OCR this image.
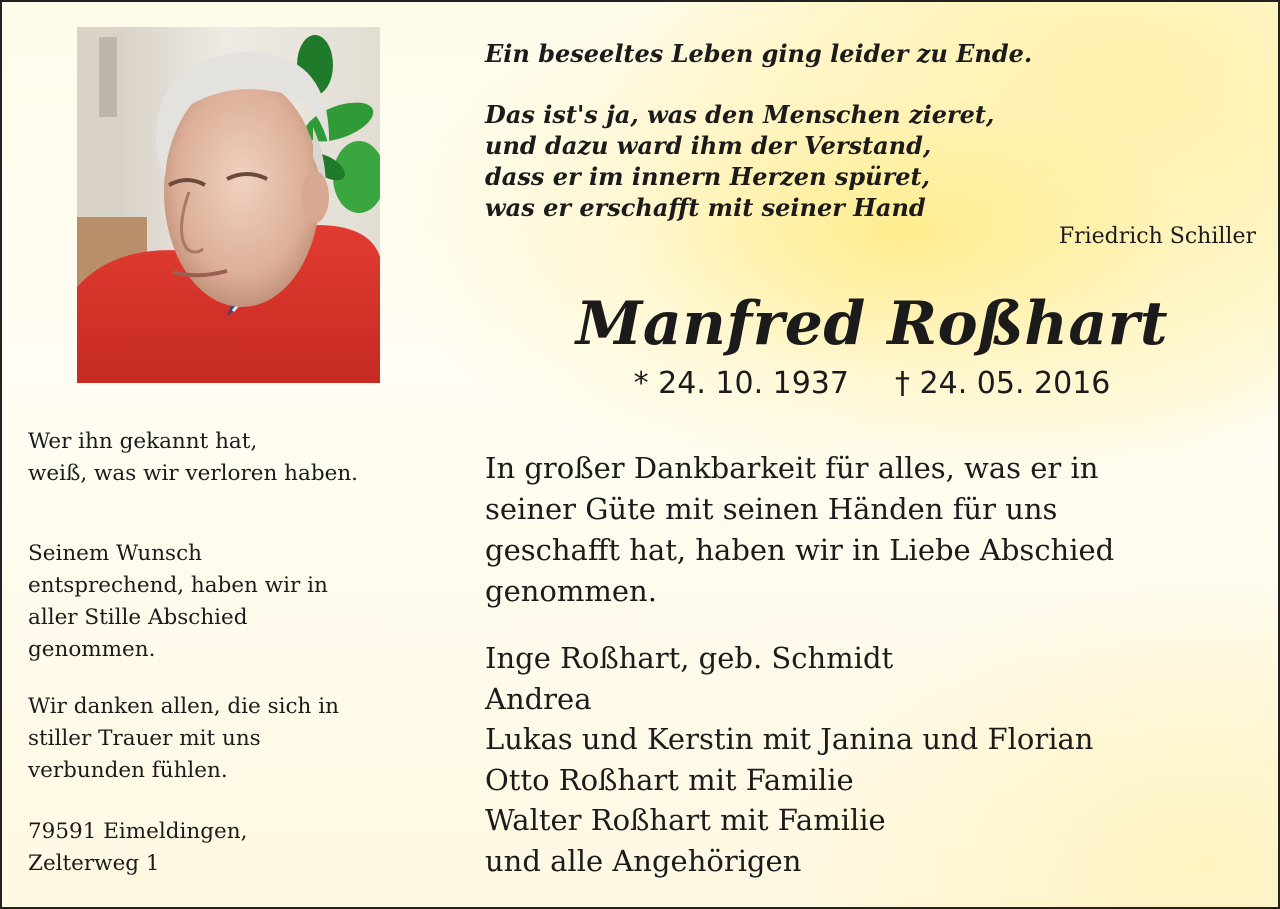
Ein beseeltes Leben ging leider zu Ende.

Das ist's ja, was den Menschen zieret,
und dazu ward ihm der Verstand,
dass er im innern Herzen spüret,
was er erschafft mit seiner Hand
Friedrich Schiller
Manfred Roßhart
* 24. 10. 1937 † 24. 05. 2016

Wer ihn gekannt hat,
weiß, was wir verloren haben.

Seinem Wunsch
entsprechend, haben wir in
aller Stille Abschied
genommen.

Wir danken allen, die sich in
stiller Trauer mit uns
verbunden fühlen.

79591 Eimeldingen,
Zelterweg 1

In großer Dankbarkeit für alles, was er in
seiner Güte mit seinen Händen für uns
geschafft hat, haben wir in Liebe Abschied
genommen.
Inge Roßhart, geb. Schmidt
Andrea
Lukas und Kerstin mit Janina und Florian
Otto Roßhart mit Familie
Walter Roßhart mit Familie
und alle Angehörigen
